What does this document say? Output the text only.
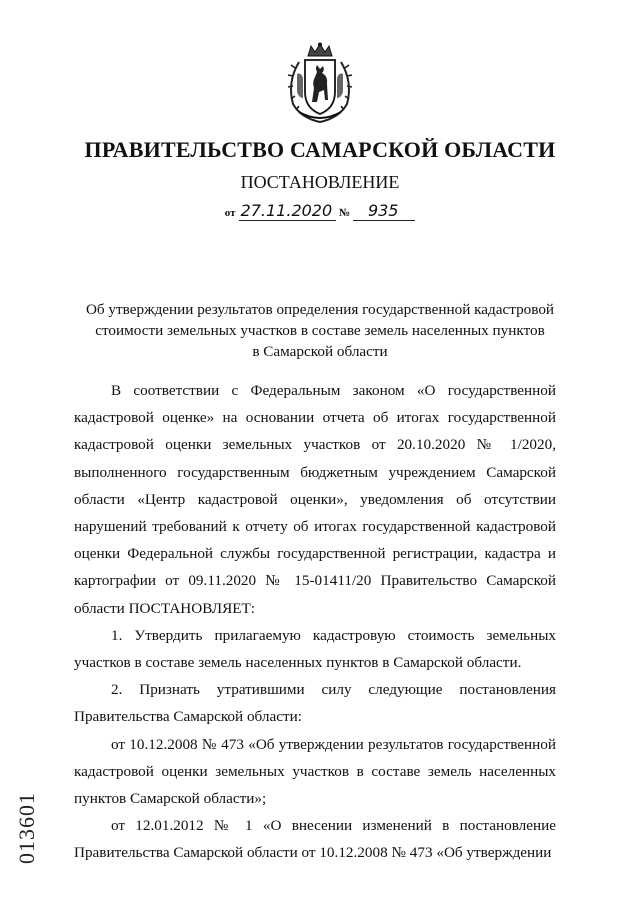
ПРАВИТЕЛЬСТВО САМАРСКОЙ ОБЛАСТИ
ПОСТАНОВЛЕНИЕ
от 27.11.2020 № 935
Об утверждении результатов определения государственной кадастровой
стоимости земельных участков в составе земель населенных пунктов
в Самарской области

В соответствии с Федеральным законом «О государственной кадастровой оценке» на основании отчета об итогах государственной кадастровой оценки земельных участков от 20.10.2020 № 1/2020, выполненного государственным бюджетным учреждением Самарской области «Центр кадастровой оценки», уведомления об отсутствии нарушений требований к отчету об итогах государственной кадастровой оценки Федеральной службы государственной регистрации, кадастра и картографии от 09.11.2020 № 15-01411/20 Правительство Самарской области ПОСТАНОВЛЯЕТ:

1. Утвердить прилагаемую кадастровую стоимость земельных участков в составе земель населенных пунктов в Самарской области.

2. Признать утратившими силу следующие постановления Правительства Самарской области:

от 10.12.2008 № 473 «Об утверждении результатов государственной кадастровой оценки земельных участков в составе земель населенных пунктов Самарской области»;

от 12.01.2012 № 1 «О внесении изменений в постановление Правительства Самарской области от 10.12.2008 № 473 «Об утверждении

013601
